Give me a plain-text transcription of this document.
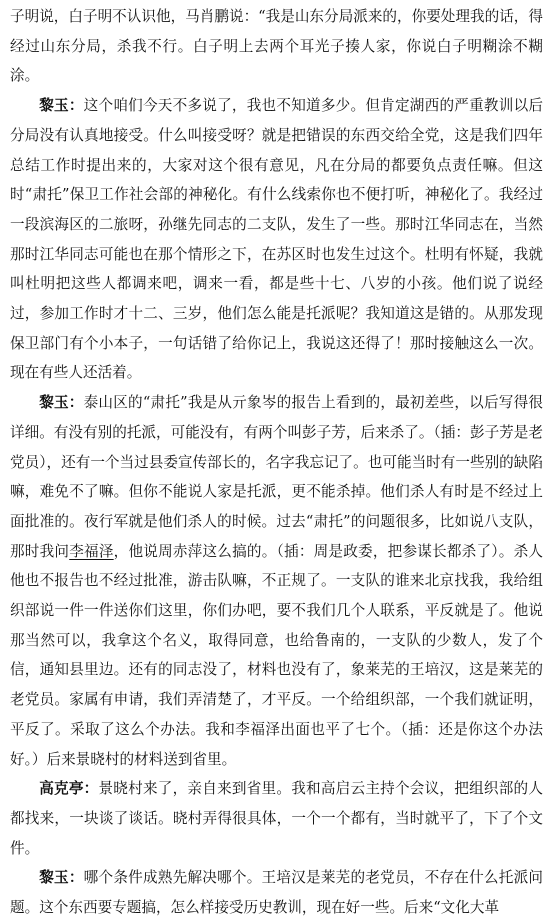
子明说，白子明不认识他，马肖鹏说：“我是山东分局派来的，你要处理我的话，得经过山东分局，杀我不行。白子明上去两个耳光子揍人家，你说白子明糊涂不糊涂。

黎玉：这个咱们今天不多说了，我也不知道多少。但肯定湖西的严重教训以后分局没有认真地接受。什么叫接受呀？就是把错误的东西交给全党，这是我们四年总结工作时提出来的，大家对这个很有意见，凡在分局的都要负点责任嘛。但这时“肃托”保卫工作社会部的神秘化。有什么线索你也不便打听，神秘化了。我经过一段滨海区的二旅呀，孙继先同志的二支队，发生了一些。那时江华同志在，当然那时江华同志可能也在那个情形之下，在苏区时也发生过这个。杜明有怀疑，我就叫杜明把这些人都调来吧，调来一看，都是些十七、八岁的小孩。他们说了说经过，参加工作时才十二、三岁，他们怎么能是托派呢？我知道这是错的。从那发现保卫部门有个小本子，一句话错了给你记上，我说这还得了！那时接触这么一次。现在有些人还活着。

黎玉：泰山区的“肃托”我是从亓象岑的报告上看到的，最初差些，以后写得很详细。有没有别的托派，可能没有，有两个叫彭子芳，后来杀了。（插：彭子芳是老党员），还有一个当过县委宣传部长的，名字我忘记了。也可能当时有一些别的缺陷嘛，难免不了嘛。但你不能说人家是托派，更不能杀掉。他们杀人有时是不经过上面批准的。夜行军就是他们杀人的时候。过去“肃托”的问题很多，比如说八支队，那时我问李福泽，他说周赤萍这么搞的。（插：周是政委，把参谋长都杀了）。杀人他也不报告也不经过批准，游击队嘛，不正规了。一支队的谁来北京找我，我给组织部说一件一件送你们这里，你们办吧，要不我们几个人联系，平反就是了。他说那当然可以，我拿这个名义，取得同意，也给鲁南的，一支队的少数人，发了个信，通知县里边。还有的同志没了，材料也没有了，象莱芜的王培汉，这是莱芜的老党员。家属有申请，我们弄清楚了，才平反。一个给组织部，一个我们就证明，平反了。采取了这么个办法。我和李福泽出面也平了七个。（插：还是你这个办法好。）后来景晓村的材料送到省里。

高克亭：景晓村来了，亲自来到省里。我和高启云主持个会议，把组织部的人都找来，一块谈了谈话。晓村弄得很具体，一个一个都有，当时就平了，下了个文件。

黎玉：哪个条件成熟先解决哪个。王培汉是莱芜的老党员，不存在什么托派问题。这个东西要专题搞，怎么样接受历史教训，现在好一些。后来“文化大革
